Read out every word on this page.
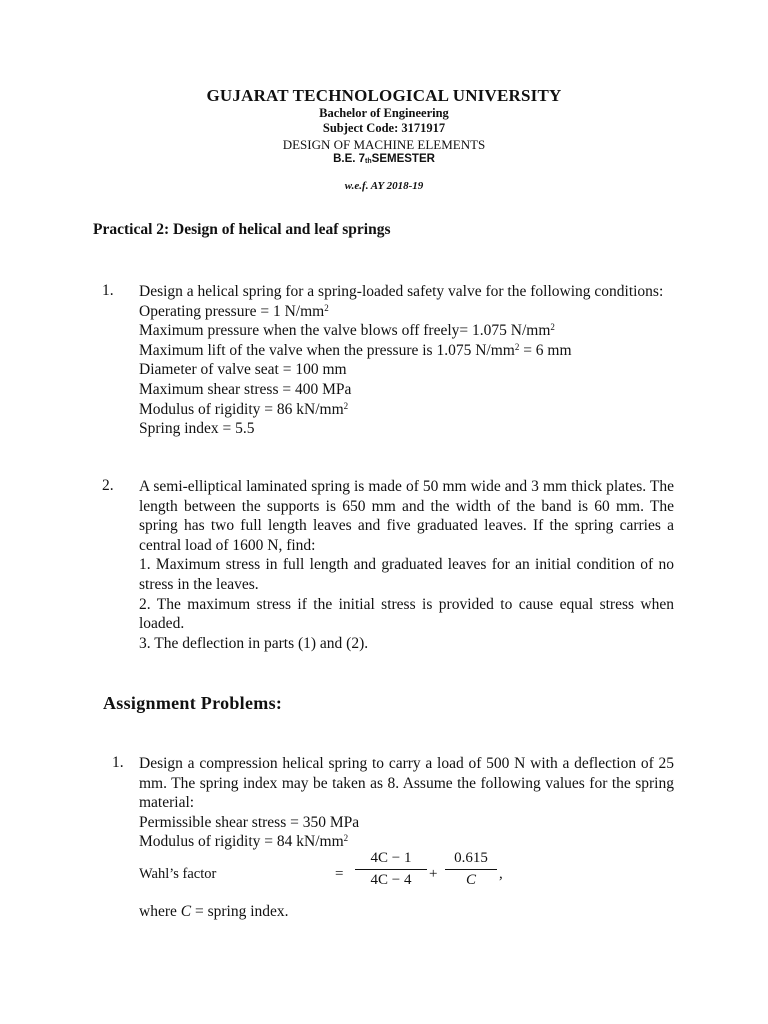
GUJARAT TECHNOLOGICAL UNIVERSITY
Bachelor of Engineering
Subject Code: 3171917
DESIGN OF MACHINE ELEMENTS
B.E. $7_{th}SEMESTER$
w.e.f. AY 2018-19
Practical 2: Design of helical and leaf springs
1. Design a helical spring for a spring-loaded safety valve for the following conditions:

Operating pressure = 1 $N/mm^2$

Maximum pressure when the valve blows off freely= 1.075 $N/mm^2$

Maximum lift of the valve when the pressure is 1.075 $N/mm^2 = 6$ mm

Diameter of valve seat = 100 mm

Maximum shear stress = 400 MPa

Modulus of rigidity = 86 $kN/mm^2$

Spring index = 5.5

2. A semi-elliptical laminated spring is made of 50 mm wide and 3 mm thick plates. The length between the supports is 650 mm and the width of the band is 60 mm. The spring has two full length leaves and five graduated leaves. If the spring carries a central load of 1600 N, find:

1. Maximum stress in full length and graduated leaves for an initial condition of no stress in the leaves.

2. The maximum stress if the initial stress is provided to cause equal stress when loaded.

3. The deflection in parts (1) and (2).

Assignment Problems:
1. Design a compression helical spring to carry a load of 500 N with a deflection of 25 mm. The spring index may be taken as 8. Assume the following values for the spring material:

Permissible shear stress = 350 MPa

Modulus of rigidity = 84 $kN/mm^2$

Wahl’s factor	= $\frac{4C - 1}{4C - 4} + \frac{0.615}{C}$ ,

where C = spring index.
